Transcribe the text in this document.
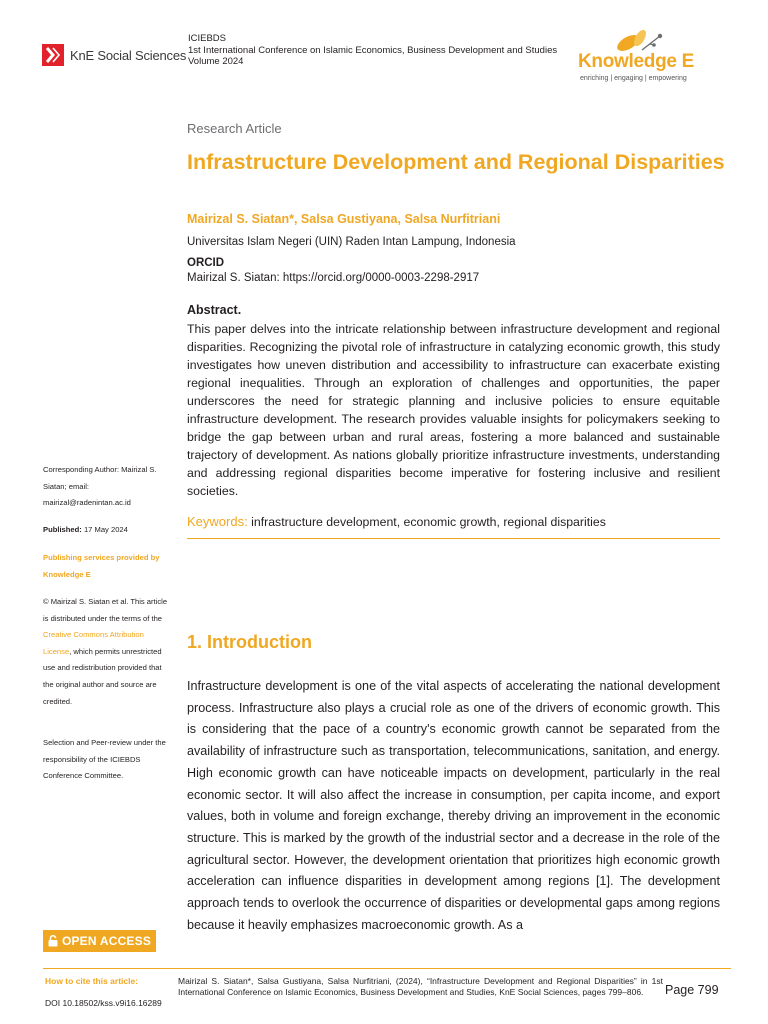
KnE Social Sciences
ICIEBDS
1st International Conference on Islamic Economics, Business Development and Studies
Volume 2024	Knowledge E
enriching | engaging | empowering
Research Article
Infrastructure Development and Regional Disparities
Mairizal S. Siatan*, Salsa Gustiyana, Salsa Nurfitriani
Universitas Islam Negeri (UIN) Raden Intan Lampung, Indonesia
ORCID
Mairizal S. Siatan: https://orcid.org/0000-0003-2298-2917
Abstract.

This paper delves into the intricate relationship between infrastructure development and regional disparities. Recognizing the pivotal role of infrastructure in catalyzing economic growth, this study investigates how uneven distribution and accessibility to infrastructure can exacerbate existing regional inequalities. Through an exploration of challenges and opportunities, the paper underscores the need for strategic planning and inclusive policies to ensure equitable infrastructure development. The research provides valuable insights for policymakers seeking to bridge the gap between urban and rural areas, fostering a more balanced and sustainable trajectory of development. As nations globally prioritize infrastructure investments, understanding and addressing regional disparities become imperative for fostering inclusive and resilient societies.

Keywords: infrastructure development, economic growth, regional disparities
1. Introduction

Infrastructure development is one of the vital aspects of accelerating the national development process. Infrastructure also plays a crucial role as one of the drivers of economic growth. This is considering that the pace of a country's economic growth cannot be separated from the availability of infrastructure such as transportation, telecommunications, sanitation, and energy. High economic growth can have noticeable impacts on development, particularly in the real economic sector. It will also affect the increase in consumption, per capita income, and export values, both in volume and foreign exchange, thereby driving an improvement in the economic structure. This is marked by the growth of the industrial sector and a decrease in the role of the agricultural sector. However, the development orientation that prioritizes high economic growth acceleration can influence disparities in development among regions [1]. The development approach tends to overlook the occurrence of disparities or developmental gaps among regions because it heavily emphasizes macroeconomic growth. As a

Corresponding Author: Mairizal S. Siatan; email: mairizal@radenintan.ac.id
Published: 17 May 2024
Publishing services provided by Knowledge E
© Mairizal S. Siatan et al. This article is distributed under the terms of the Creative Commons Attribution License, which permits unrestricted use and redistribution provided that the original author and source are credited.
Selection and Peer-review under the responsibility of the ICIEBDS Conference Committee.
OPEN ACCESS
How to cite this article:	Mairizal S. Siatan*, Salsa Gustiyana, Salsa Nurfitriani, (2024), “Infrastructure Development and Regional Disparities” in 1st International Conference on Islamic Economics, Business Development and Studies, KnE Social Sciences, pages 799–806.
DOI 10.18502/kss.v9i16.16289
Page 799
